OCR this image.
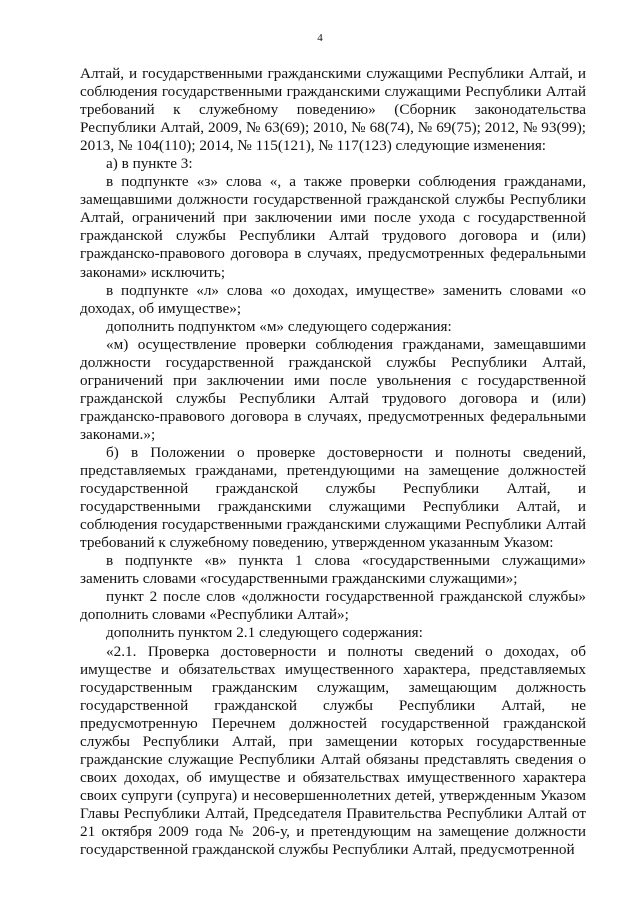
4

Алтай, и государственными гражданскими служащими Республики Алтай, и соблюдения государственными гражданскими служащими Республики Алтай требований к служебному поведению» (Сборник законодательства Республики Алтай, 2009, № 63(69); 2010, № 68(74), № 69(75); 2012, № 93(99); 2013, № 104(110); 2014, № 115(121), № 117(123) следующие изменения:

а) в пункте 3:

в подпункте «з» слова «, а также проверки соблюдения гражданами, замещавшими должности государственной гражданской службы Республики Алтай, ограничений при заключении ими после ухода с государственной гражданской службы Республики Алтай трудового договора и (или) гражданско-правового договора в случаях, предусмотренных федеральными законами» исключить;

в подпункте «л» слова «о доходах, имуществе» заменить словами «о доходах, об имуществе»;

дополнить подпунктом «м» следующего содержания:

«м) осуществление проверки соблюдения гражданами, замещавшими должности государственной гражданской службы Республики Алтай, ограничений при заключении ими после увольнения с государственной гражданской службы Республики Алтай трудового договора и (или) гражданско-правового договора в случаях, предусмотренных федеральными законами.»;

б) в Положении о проверке достоверности и полноты сведений, представляемых гражданами, претендующими на замещение должностей государственной гражданской службы Республики Алтай, и государственными гражданскими служащими Республики Алтай, и соблюдения государственными гражданскими служащими Республики Алтай требований к служебному поведению, утвержденном указанным Указом:

в подпункте «в» пункта 1 слова «государственными служащими» заменить словами «государственными гражданскими служащими»;

пункт 2 после слов «должности государственной гражданской службы» дополнить словами «Республики Алтай»;

дополнить пунктом 2.1 следующего содержания:

«2.1. Проверка достоверности и полноты сведений о доходах, об имуществе и обязательствах имущественного характера, представляемых государственным гражданским служащим, замещающим должность государственной гражданской службы Республики Алтай, не предусмотренную Перечнем должностей государственной гражданской службы Республики Алтай, при замещении которых государственные гражданские служащие Республики Алтай обязаны представлять сведения о своих доходах, об имуществе и обязательствах имущественного характера своих супруги (супруга) и несовершеннолетних детей, утвержденным Указом Главы Республики Алтай, Председателя Правительства Республики Алтай от 21 октября 2009 года № 206-у, и претендующим на замещение должности государственной гражданской службы Республики Алтай, предусмотренной
